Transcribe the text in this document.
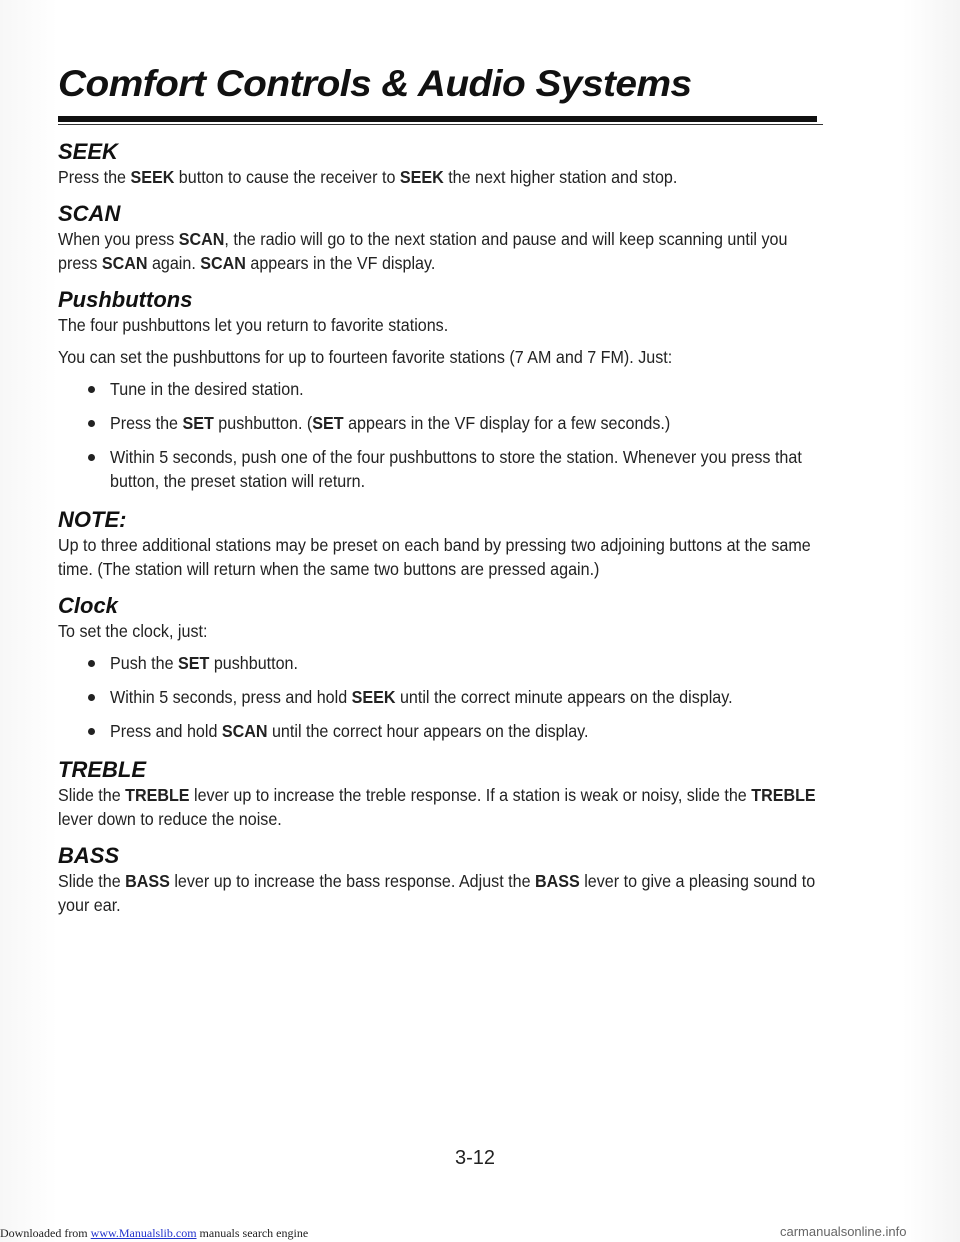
Comfort Controls & Audio Systems
SEEK

Press the SEEK button to cause the receiver to SEEK the next higher station and stop.

SCAN

When you press SCAN, the radio will go to the next station and pause and will keep scanning until you press SCAN again. SCAN appears in the VF display.

Pushbuttons

The four pushbuttons let you return to favorite stations.

You can set the pushbuttons for up to fourteen favorite stations (7 AM and 7 FM). Just:

Tune in the desired station.
Press the SET pushbutton. (SET appears in the VF display for a few seconds.)
Within 5 seconds, push one of the four pushbuttons to store the station. Whenever you press that button, the preset station will return.
NOTE:

Up to three additional stations may be preset on each band by pressing two adjoining buttons at the same time. (The station will return when the same two buttons are pressed again.)

Clock

To set the clock, just:

Push the SET pushbutton.
Within 5 seconds, press and hold SEEK until the correct minute appears on the display.
Press and hold SCAN until the correct hour appears on the display.
TREBLE

Slide the TREBLE lever up to increase the treble response. If a station is weak or noisy, slide the TREBLE lever down to reduce the noise.

BASS

Slide the BASS lever up to increase the bass response. Adjust the BASS lever to give a pleasing sound to your ear.

3-12
Downloaded from www.Manualslib.com manuals search engine	carmanualsonline.info
